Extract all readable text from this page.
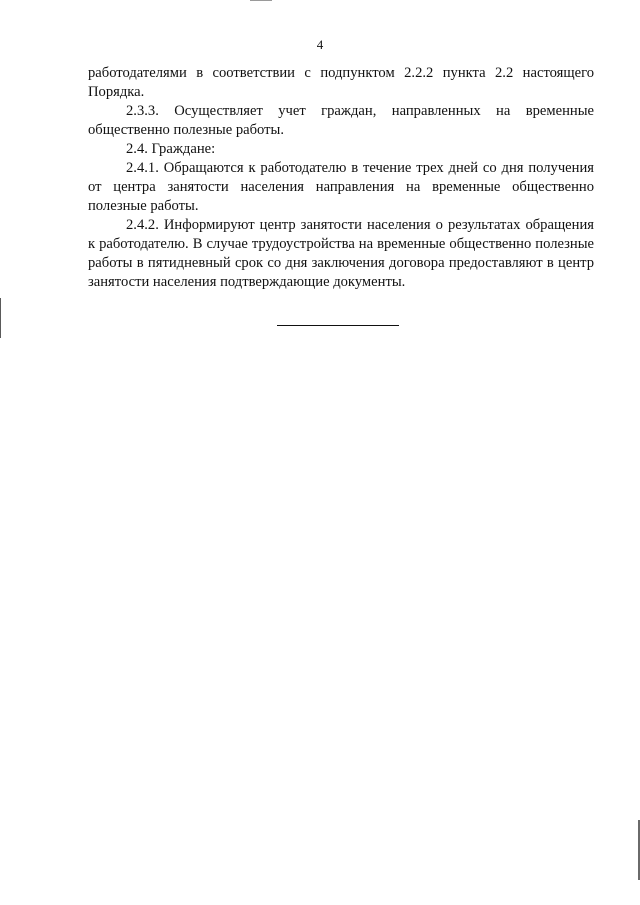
4

работодателями в соответствии с подпунктом 2.2.2 пункта 2.2 настоящего Порядка.

2.3.3. Осуществляет учет граждан, направленных на временные общественно полезные работы.

2.4. Граждане:

2.4.1. Обращаются к работодателю в течение трех дней со дня получения от центра занятости населения направления на временные общественно полезные работы.

2.4.2. Информируют центр занятости населения о результатах обращения к работодателю. В случае трудоустройства на временные общественно полезные работы в пятидневный срок со дня заключения договора предоставляют в центр занятости населения подтверждающие документы.
